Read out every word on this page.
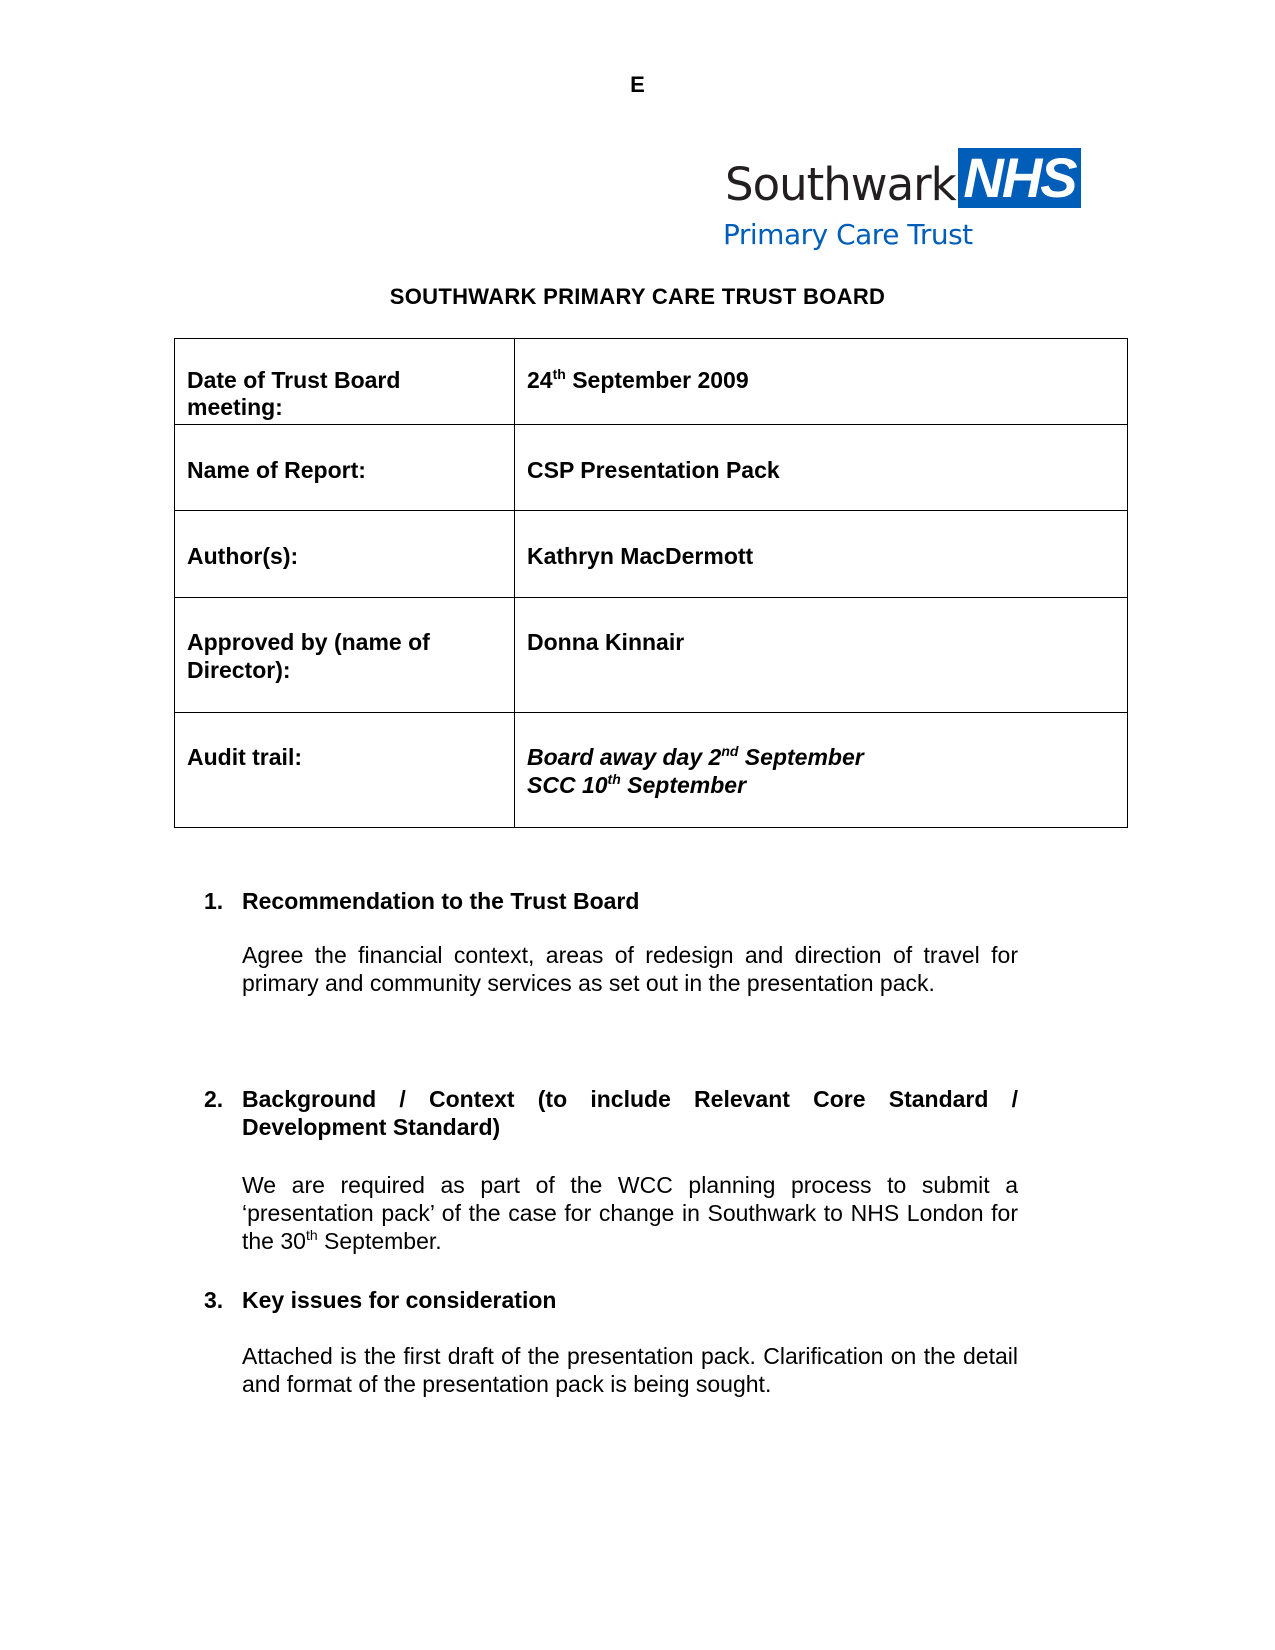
E
Southwark NHS
Primary Care Trust
SOUTHWARK PRIMARY CARE TRUST BOARD
Date of Trust Board meeting:	24th September 2009
Name of Report:	CSP Presentation Pack
Author(s):	Kathryn MacDermott
Approved by (name of Director):	Donna Kinnair
Audit trail:	Board away day 2nd September
SCC 10th September
1. Recommendation to the Trust Board
Agree the financial context, areas of redesign and direction of travel for primary and community services as set out in the presentation pack.
2. Background / Context (to include Relevant Core Standard / Development Standard)
We are required as part of the WCC planning process to submit a ‘presentation pack’ of the case for change in Southwark to NHS London for the 30th September.
3. Key issues for consideration
Attached is the first draft of the presentation pack. Clarification on the detail and format of the presentation pack is being sought.
